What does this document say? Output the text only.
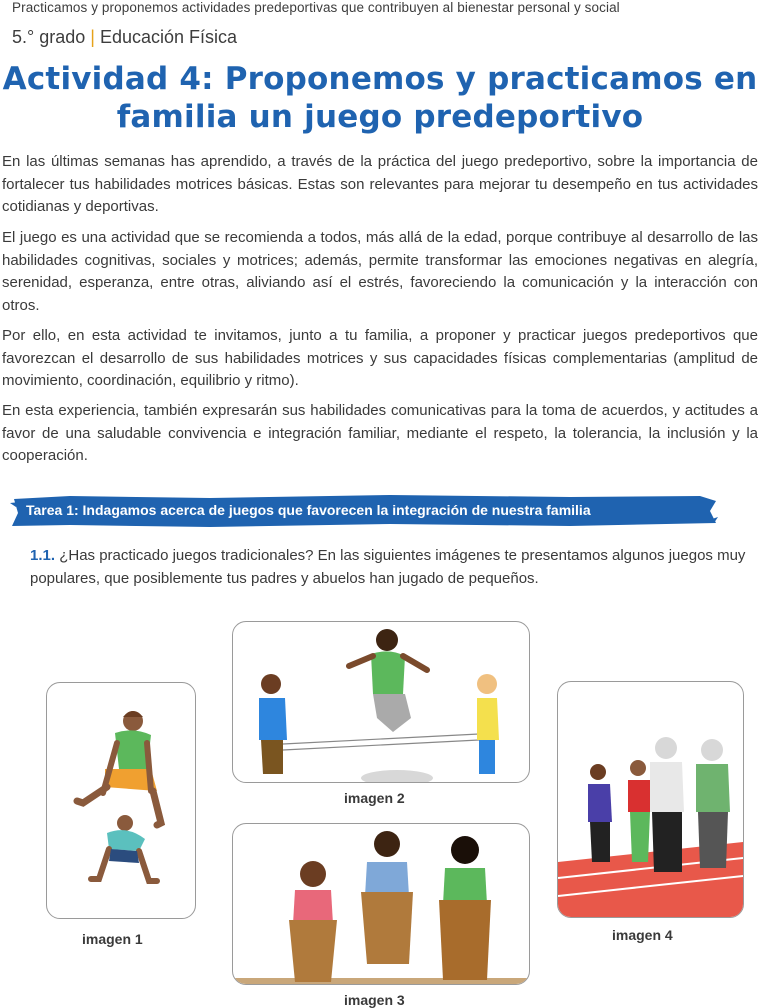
Practicamos y proponemos actividades predeportivas que contribuyen al bienestar personal y social
5.° grado | Educación Física
Actividad 4: Proponemos y practicamos en
familia un juego predeportivo

En las últimas semanas has aprendido, a través de la práctica del juego predeportivo, sobre la importancia de fortalecer tus habilidades motrices básicas. Estas son relevantes para mejorar tu desempeño en tus actividades cotidianas y deportivas.

El juego es una actividad que se recomienda a todos, más allá de la edad, porque contribuye al desarrollo de las habilidades cognitivas, sociales y motrices; además, permite transformar las emociones negativas en alegría, serenidad, esperanza, entre otras, aliviando así el estrés, favoreciendo la comunicación y la interacción con otros.

Por ello, en esta actividad te invitamos, junto a tu familia, a proponer y practicar juegos predeportivos que favorezcan el desarrollo de sus habilidades motrices y sus capacidades físicas complementarias (amplitud de movimiento, coordinación, equilibrio y ritmo).

En esta experiencia, también expresarán sus habilidades comunicativas para la toma de acuerdos, y actitudes a favor de una saludable convivencia e integración familiar, mediante el respeto, la tolerancia, la inclusión y la cooperación.

Tarea 1: Indagamos acerca de juegos que favorecen la integración de nuestra familia

1.1. ¿Has practicado juegos tradicionales? En las siguientes imágenes te presentamos algunos juegos muy populares, que posiblemente tus padres y abuelos han jugado de pequeños.

imagen 1
imagen 2
imagen 3
imagen 4
